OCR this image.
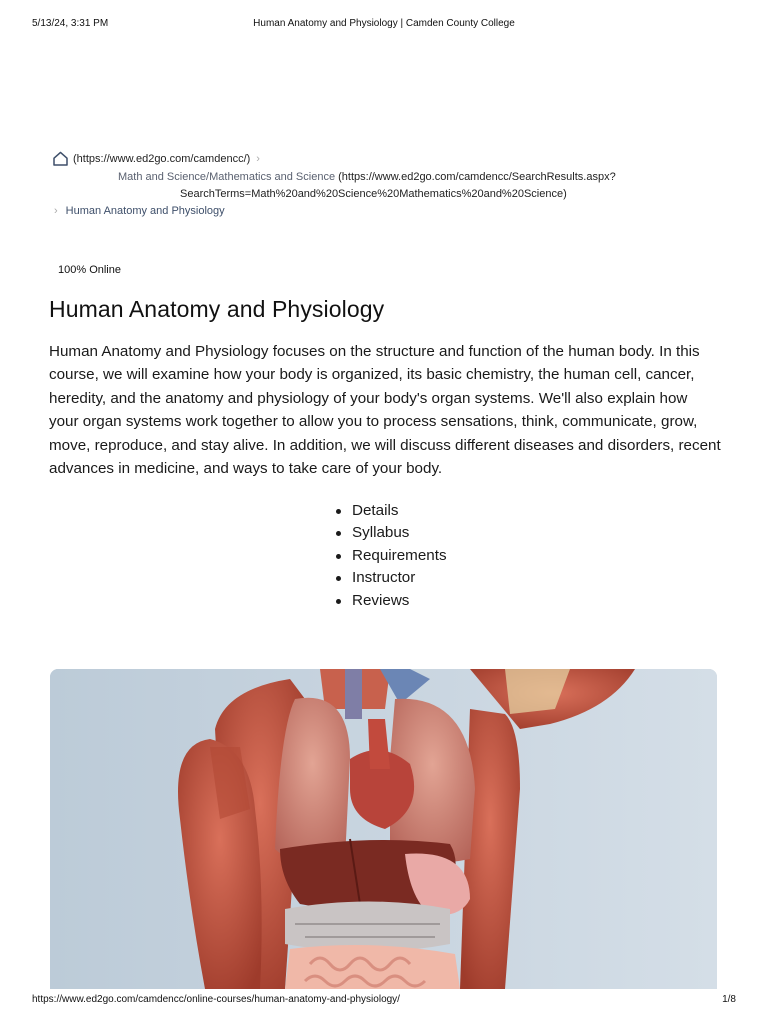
5/13/24, 3:31 PM	Human Anatomy and Physiology | Camden County College
(https://www.ed2go.com/camdencc/) ›
Math and Science/Mathematics and Science (https://www.ed2go.com/camdencc/SearchResults.aspx?
SearchTerms=Math%20and%20Science%20Mathematics%20and%20Science)
› Human Anatomy and Physiology
100% Online
Human Anatomy and Physiology

Human Anatomy and Physiology focuses on the structure and function of the human body. In this course, we will examine how your body is organized, its basic chemistry, the human cell, cancer, heredity, and the anatomy and physiology of your body's organ systems. We'll also explain how your organ systems work together to allow you to process sensations, think, communicate, grow, move, reproduce, and stay alive. In addition, we will discuss different diseases and disorders, recent advances in medicine, and ways to take care of your body.

Details
Syllabus
Requirements
Instructor
Reviews
https://www.ed2go.com/camdencc/online-courses/human-anatomy-and-physiology/	1/8
